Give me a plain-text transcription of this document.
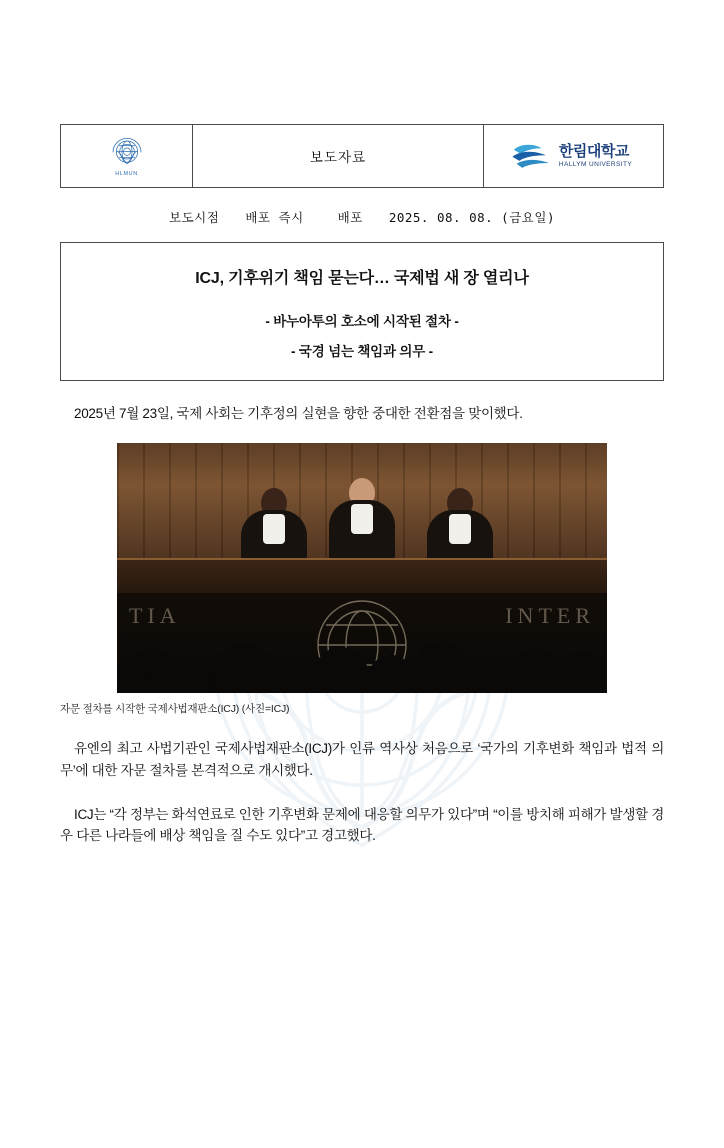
HLMUN
보도자료	한림대학교
HALLYM UNIVERSITY
보도시점 배포 즉시	배포 2025. 08. 08. (금요일)
ICJ, 기후위기 책임 묻는다… 국제법 새 장 열리나
- 바누아투의 호소에 시작된 절차 -
- 국경 넘는 책임과 의무 -

2025년 7월 23일, 국제 사회는 기후정의 실현을 향한 중대한 전환점을 맞이했다.

TIA	INTER
자문 절차를 시작한 국제사법재판소(ICJ) (사진=ICJ)

유엔의 최고 사법기관인 국제사법재판소(ICJ)가 인류 역사상 처음으로 ‘국가의 기후변화 책임과 법적 의무’에 대한 자문 절차를 본격적으로 개시했다.

ICJ는 “각 정부는 화석연료로 인한 기후변화 문제에 대응할 의무가 있다”며 “이를 방치해 피해가 발생할 경우 다른 나라들에 배상 책임을 질 수도 있다”고 경고했다.
